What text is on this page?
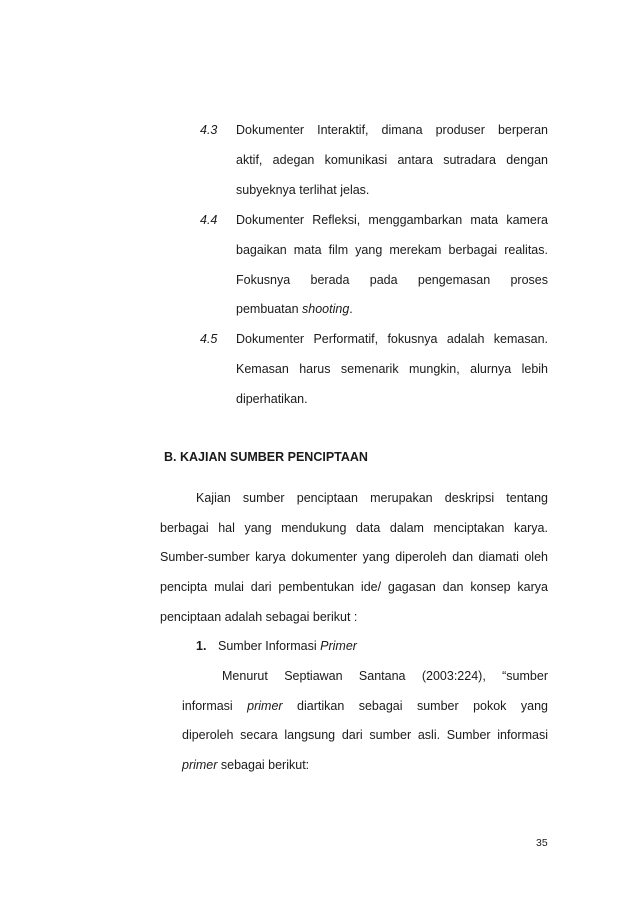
4.3 Dokumenter Interaktif, dimana produser berperan
aktif, adegan komunikasi antara sutradara dengan
subyeknya terlihat jelas.
4.4 Dokumenter Refleksi, menggambarkan mata kamera
bagaikan mata film yang merekam berbagai realitas.
Fokusnya berada pada pengemasan proses
pembuatan shooting.
4.5 Dokumenter Performatif, fokusnya adalah kemasan.
Kemasan harus semenarik mungkin, alurnya lebih
diperhatikan.
B. KAJIAN SUMBER PENCIPTAAN
Kajian sumber penciptaan merupakan deskripsi tentang
berbagai hal yang mendukung data dalam menciptakan karya.
Sumber-sumber karya dokumenter yang diperoleh dan diamati oleh
pencipta mulai dari pembentukan ide/ gagasan dan konsep karya
penciptaan adalah sebagai berikut :
1. Sumber Informasi Primer
Menurut Septiawan Santana (2003:224), “sumber
informasi primer diartikan sebagai sumber pokok yang
diperoleh secara langsung dari sumber asli. Sumber informasi
primer sebagai berikut:
35
